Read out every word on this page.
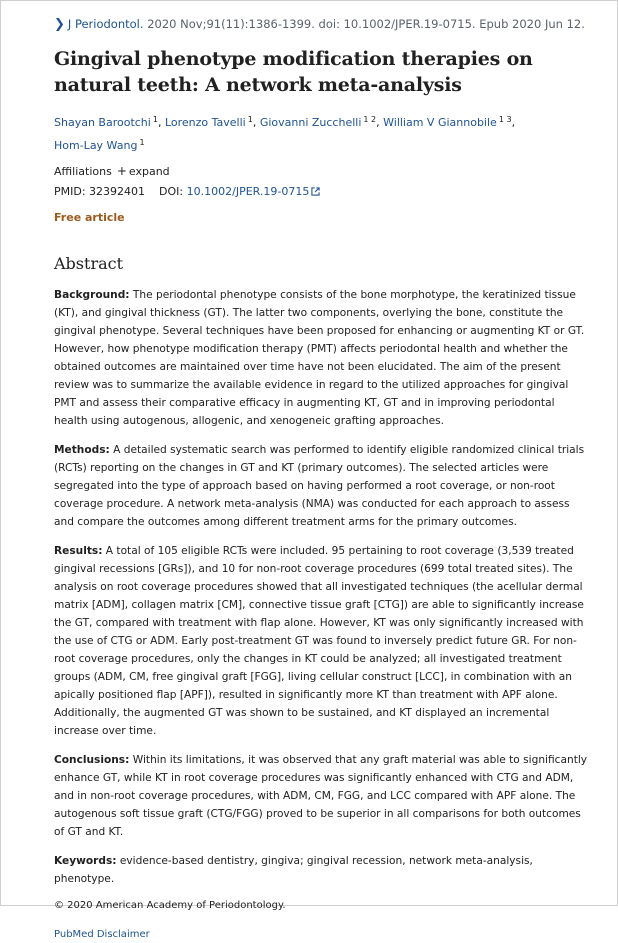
❯ J Periodontol. 2020 Nov;91(11):1386-1399. doi: 10.1002/JPER.19-0715. Epub 2020 Jun 12.
Gingival phenotype modification therapies on natural teeth: A network meta-analysis
Shayan Barootchi $^1$, Lorenzo Tavelli $^1$, Giovanni Zucchelli $^{1 2}$, William V Giannobile $^{1 3}$,
Hom-Lay Wang $^1$
Affiliations + expand
PMID: 32392401 DOI: 10.1002/JPER.19-0715
Free article
Abstract

Background: The periodontal phenotype consists of the bone morphotype, the keratinized tissue (KT), and gingival thickness (GT). The latter two components, overlying the bone, constitute the gingival phenotype. Several techniques have been proposed for enhancing or augmenting KT or GT. However, how phenotype modification therapy (PMT) affects periodontal health and whether the obtained outcomes are maintained over time have not been elucidated. The aim of the present review was to summarize the available evidence in regard to the utilized approaches for gingival PMT and assess their comparative efficacy in augmenting KT, GT and in improving periodontal health using autogenous, allogenic, and xenogeneic grafting approaches.

Methods: A detailed systematic search was performed to identify eligible randomized clinical trials (RCTs) reporting on the changes in GT and KT (primary outcomes). The selected articles were segregated into the type of approach based on having performed a root coverage, or non-root coverage procedure. A network meta-analysis (NMA) was conducted for each approach to assess and compare the outcomes among different treatment arms for the primary outcomes.

Results: A total of 105 eligible RCTs were included. 95 pertaining to root coverage (3,539 treated gingival recessions [GRs]), and 10 for non-root coverage procedures (699 total treated sites). The analysis on root coverage procedures showed that all investigated techniques (the acellular dermal matrix [ADM], collagen matrix [CM], connective tissue graft [CTG]) are able to significantly increase the GT, compared with treatment with flap alone. However, KT was only significantly increased with the use of CTG or ADM. Early post-treatment GT was found to inversely predict future GR. For non-root coverage procedures, only the changes in KT could be analyzed; all investigated treatment groups (ADM, CM, free gingival graft [FGG], living cellular construct [LCC], in combination with an apically positioned flap [APF]), resulted in significantly more KT than treatment with APF alone. Additionally, the augmented GT was shown to be sustained, and KT displayed an incremental increase over time.

Conclusions: Within its limitations, it was observed that any graft material was able to significantly enhance GT, while KT in root coverage procedures was significantly enhanced with CTG and ADM, and in non-root coverage procedures, with ADM, CM, FGG, and LCC compared with APF alone. The autogenous soft tissue graft (CTG/FGG) proved to be superior in all comparisons for both outcomes of GT and KT.

Keywords: evidence-based dentistry, gingiva; gingival recession, network meta-analysis, phenotype.

© 2020 American Academy of Periodontology.
PubMed Disclaimer
